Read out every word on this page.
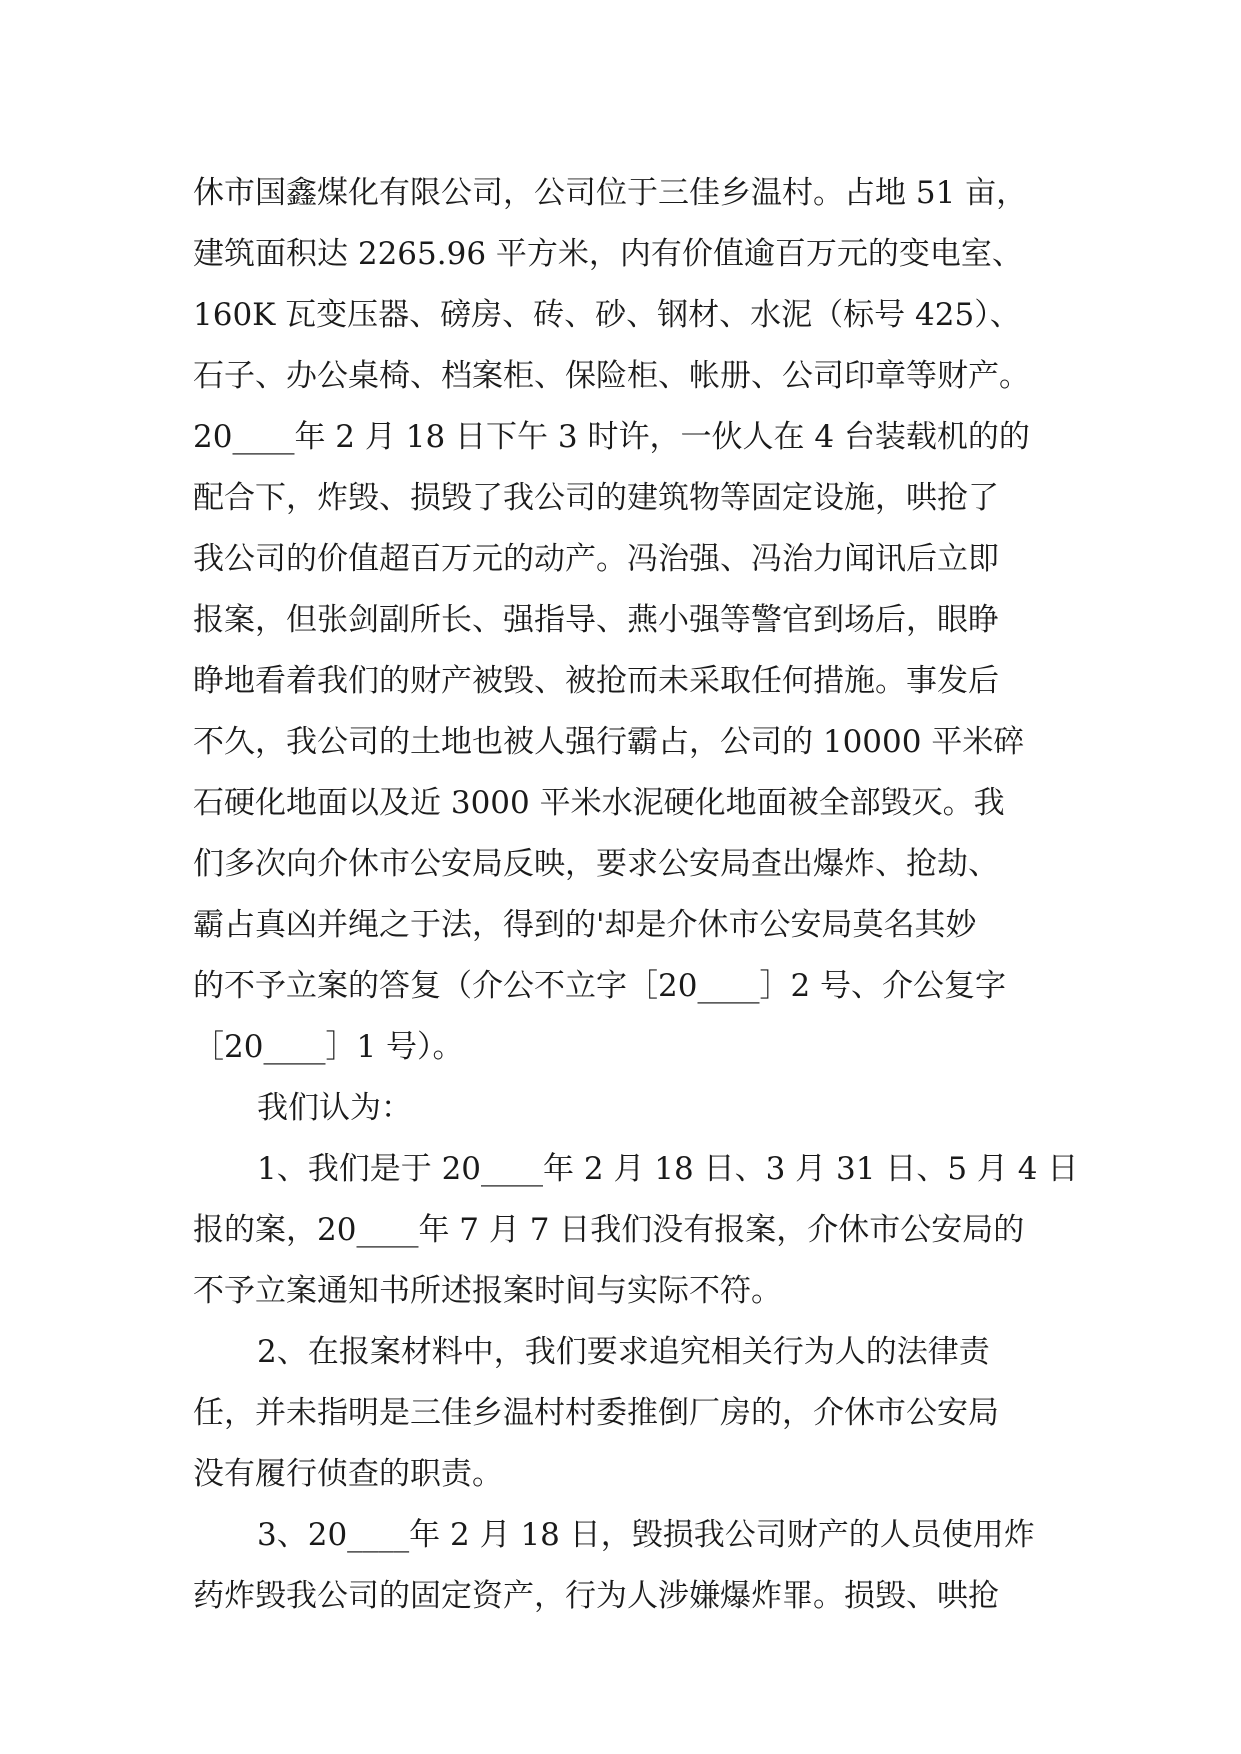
休市国鑫煤化有限公司，公司位于三佳乡温村。占地 51 亩，
建筑面积达 2265.96 平方米，内有价值逾百万元的变电室、
160K 瓦变压器、磅房、砖、砂、钢材、水泥（标号 425）、
石子、办公桌椅、档案柜、保险柜、帐册、公司印章等财产。
20____年 2 月 18 日下午 3 时许，一伙人在 4 台装载机的的
配合下，炸毁、损毁了我公司的建筑物等固定设施，哄抢了
我公司的价值超百万元的动产。冯治强、冯治力闻讯后立即
报案，但张剑副所长、强指导、燕小强等警官到场后，眼睁
睁地看着我们的财产被毁、被抢而未采取任何措施。事发后
不久，我公司的土地也被人强行霸占，公司的 10000 平米碎
石硬化地面以及近 3000 平米水泥硬化地面被全部毁灭。我
们多次向介休市公安局反映，要求公安局查出爆炸、抢劫、
霸占真凶并绳之于法，得到的'却是介休市公安局莫名其妙
的不予立案的答复（介公不立字［20____］2 号、介公复字
［20____］1 号）。
我们认为：
1、我们是于 20____年 2 月 18 日、3 月 31 日、5 月 4 日
报的案，20____年 7 月 7 日我们没有报案，介休市公安局的
不予立案通知书所述报案时间与实际不符。
2、在报案材料中，我们要求追究相关行为人的法律责
任，并未指明是三佳乡温村村委推倒厂房的，介休市公安局
没有履行侦查的职责。
3、20____年 2 月 18 日，毁损我公司财产的人员使用炸
药炸毁我公司的固定资产，行为人涉嫌爆炸罪。损毁、哄抢
